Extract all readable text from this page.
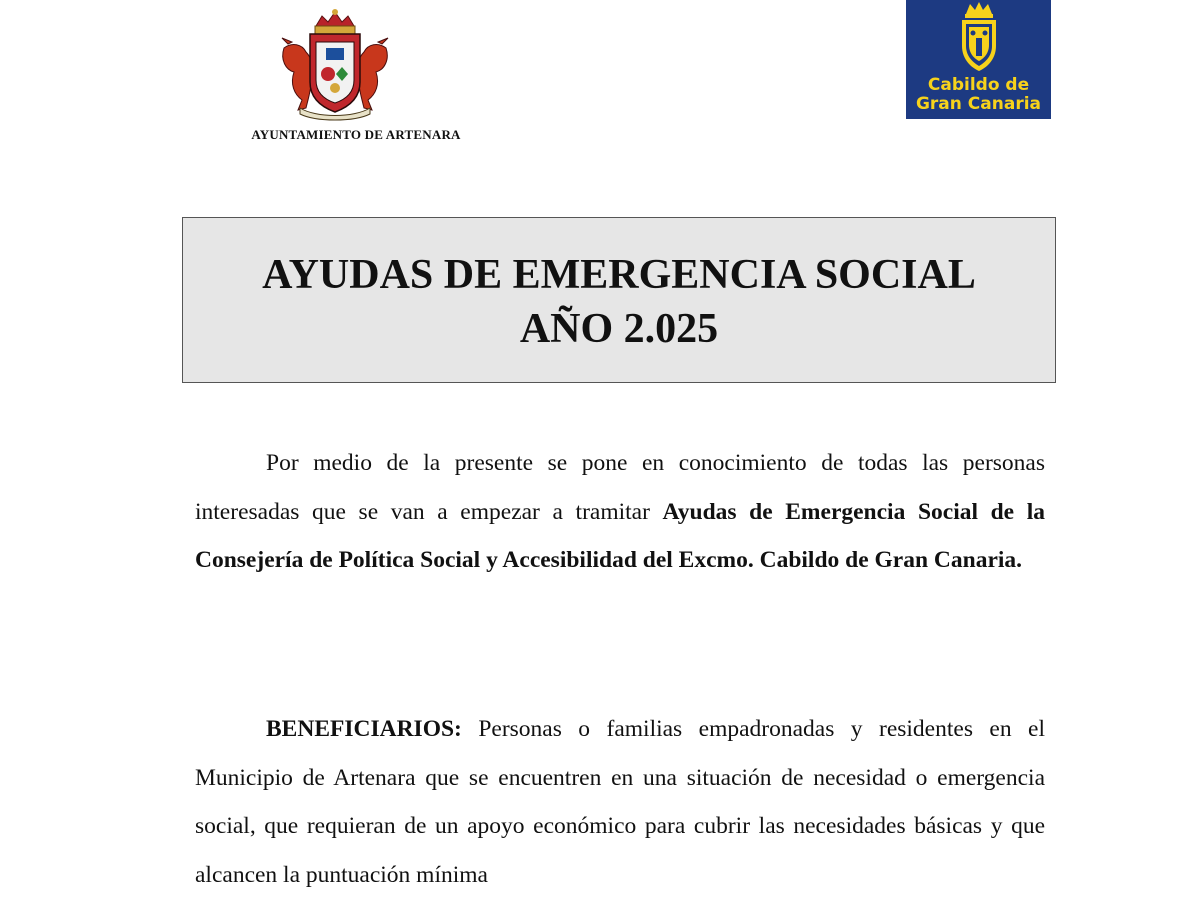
AYUNTAMIENTO DE ARTENARA
Cabildo de
Gran Canaria
AYUDAS DE EMERGENCIA SOCIAL
AÑO 2.025
Por medio de la presente se pone en conocimiento de todas las personas interesadas que se van a empezar a tramitar Ayudas de Emergencia Social de la Consejería de Política Social y Accesibilidad del Excmo. Cabildo de Gran Canaria.
BENEFICIARIOS: Personas o familias empadronadas y residentes en el Municipio de Artenara que se encuentren en una situación de necesidad o emergencia social, que requieran de un apoyo económico para cubrir las necesidades básicas y que alcancen la puntuación mínima
